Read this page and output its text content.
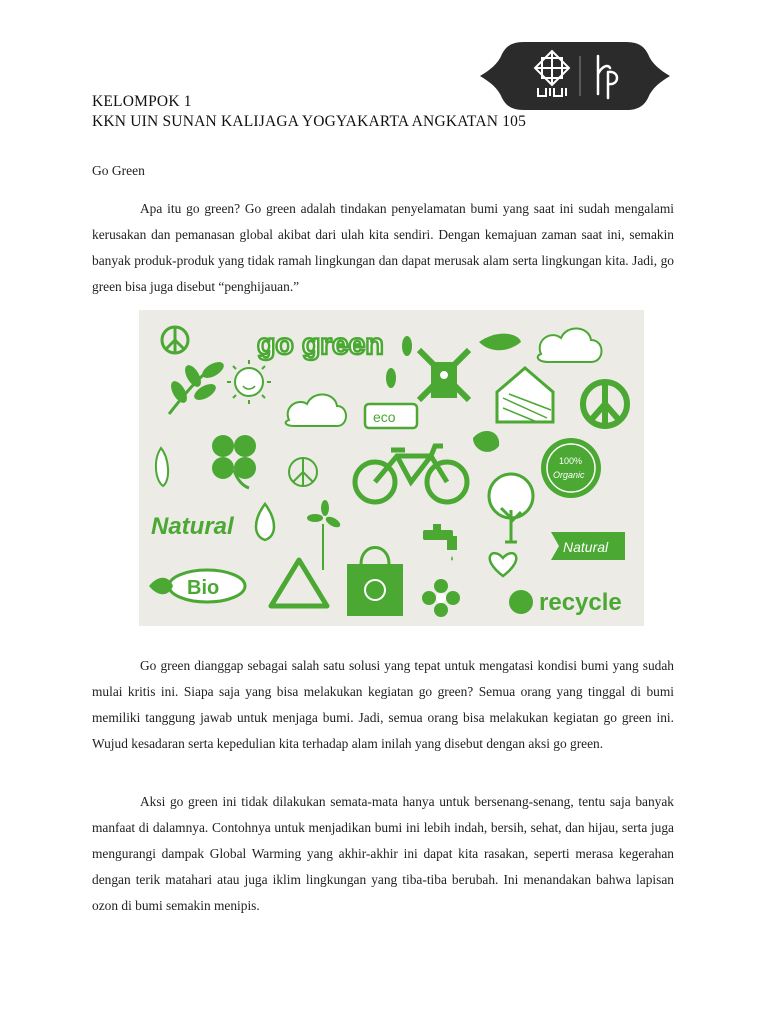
UIN
KELOMPOK 1
KKN UIN SUNAN KALIJAGA YOGYAKARTA ANGKATAN 105
Go Green

Apa itu go green? Go green adalah tindakan penyelamatan bumi yang saat ini sudah mengalami kerusakan dan pemanasan global akibat dari ulah kita sendiri. Dengan kemajuan zaman saat ini, semakin banyak produk-produk yang tidak ramah lingkungan dan dapat merusak alam serta lingkungan kita. Jadi, go green bisa juga disebut “penghijauan.”

go green
eco
100%
Organic
Natural
Natural
Bio
recycle

Go green dianggap sebagai salah satu solusi yang tepat untuk mengatasi kondisi bumi yang sudah mulai kritis ini. Siapa saja yang bisa melakukan kegiatan go green? Semua orang yang tinggal di bumi memiliki tanggung jawab untuk menjaga bumi. Jadi, semua orang bisa melakukan kegiatan go green ini. Wujud kesadaran serta kepedulian kita terhadap alam inilah yang disebut dengan aksi go green.

Aksi go green ini tidak dilakukan semata-mata hanya untuk bersenang-senang, tentu saja banyak manfaat di dalamnya. Contohnya untuk menjadikan bumi ini lebih indah, bersih, sehat, dan hijau, serta juga mengurangi dampak Global Warming yang akhir-akhir ini dapat kita rasakan, seperti merasa kegerahan dengan terik matahari atau juga iklim lingkungan yang tiba-tiba berubah. Ini menandakan bahwa lapisan ozon di bumi semakin menipis.
